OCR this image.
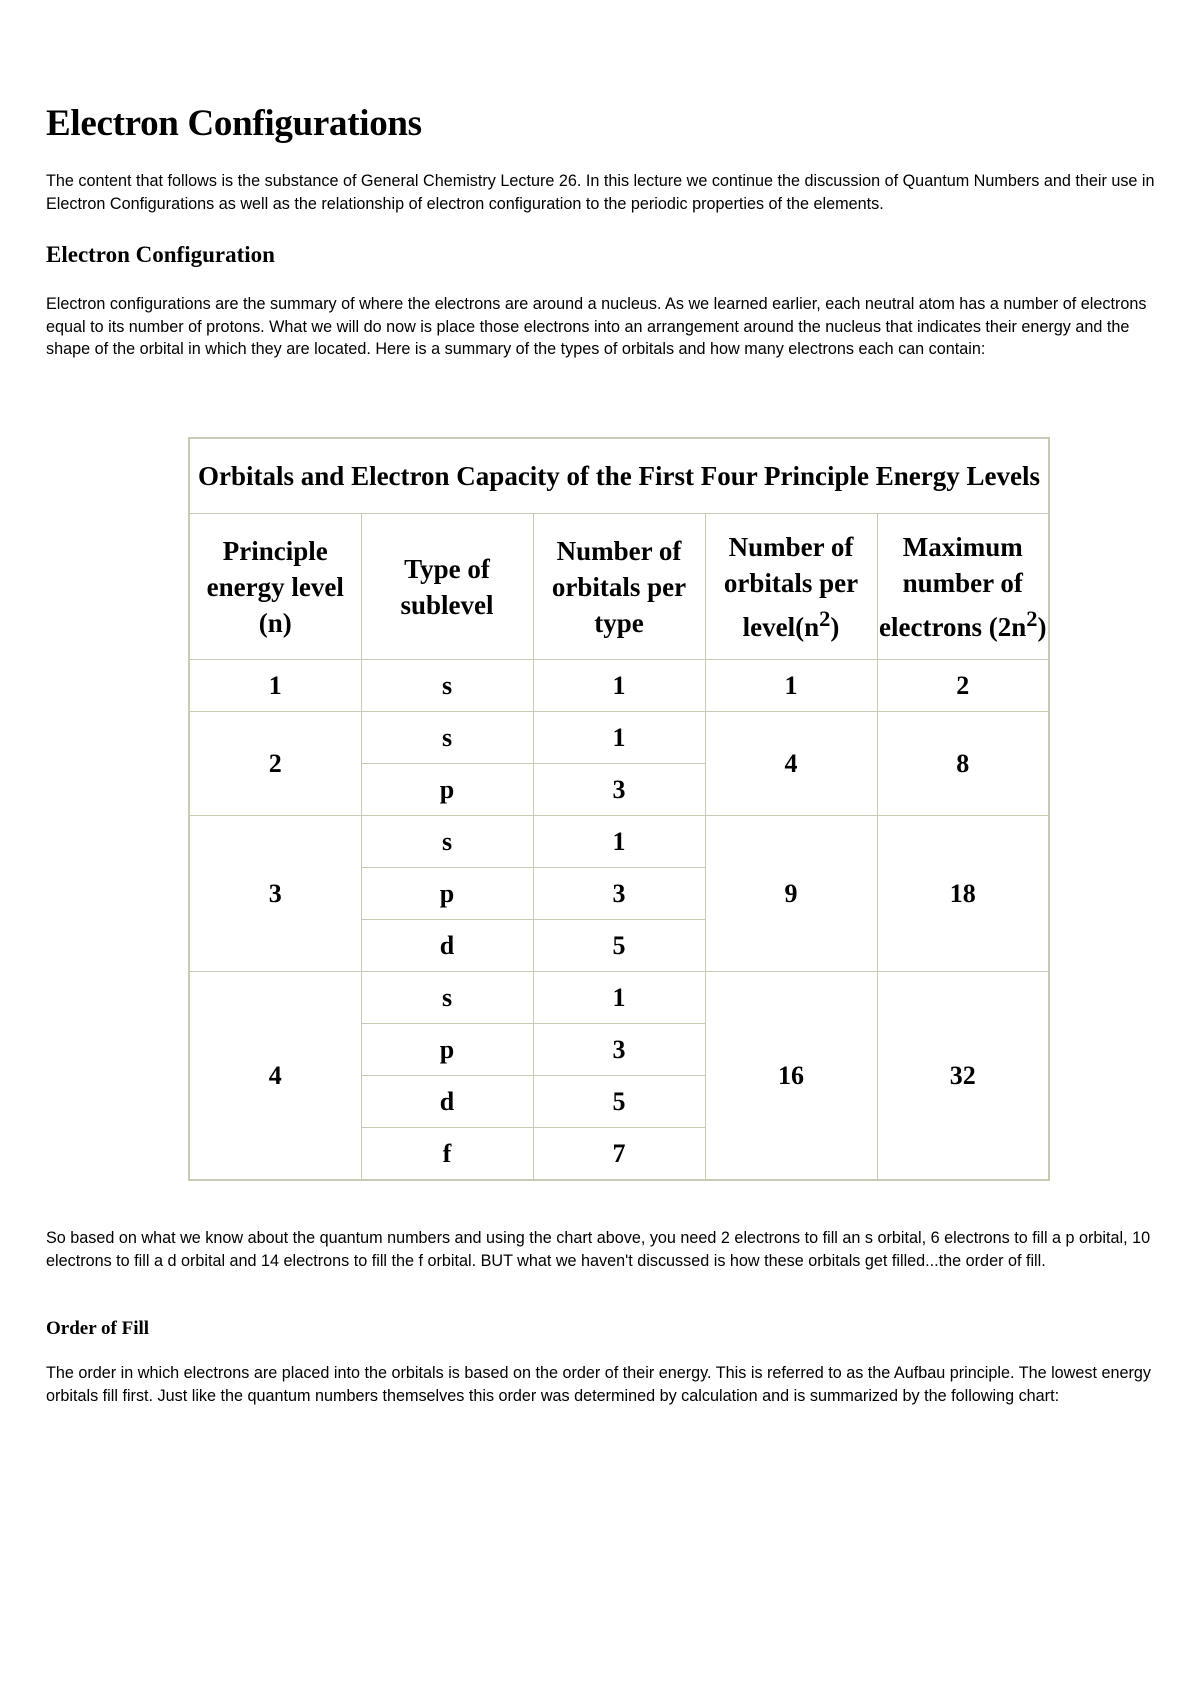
Electron Configurations

The content that follows is the substance of General Chemistry Lecture 26. In this lecture we continue the discussion of Quantum Numbers and their use in Electron Configurations as well as the relationship of electron configuration to the periodic properties of the elements.

Electron Configuration

Electron configurations are the summary of where the electrons are around a nucleus. As we learned earlier, each neutral atom has a number of electrons equal to its number of protons. What we will do now is place those electrons into an arrangement around the nucleus that indicates their energy and the shape of the orbital in which they are located. Here is a summary of the types of orbitals and how many electrons each can contain:

So based on what we know about the quantum numbers and using the chart above, you need 2 electrons to fill an s orbital, 6 electrons to fill a p orbital, 10 electrons to fill a d orbital and 14 electrons to fill the f orbital. BUT what we haven't discussed is how these orbitals get filled...the order of fill.

Order of Fill

The order in which electrons are placed into the orbitals is based on the order of their energy. This is referred to as the Aufbau principle. The lowest energy orbitals fill first. Just like the quantum numbers themselves this order was determined by calculation and is summarized by the following chart:

Orbitals and Electron Capacity of the First Four Principle Energy Levels				
Principle energy level (n)	Type of sublevel	Number of orbitals per type	Number of orbitals per $level(n^2)$	Maximum number of electrons $(2n^2)$
1	s	1	1	2
2	s	1	4	8
	p	3		
3	s	1	9	18
	p	3		
	d	5		
4	s	1	16	32
	p	3		
	d	5		
	f	7		
